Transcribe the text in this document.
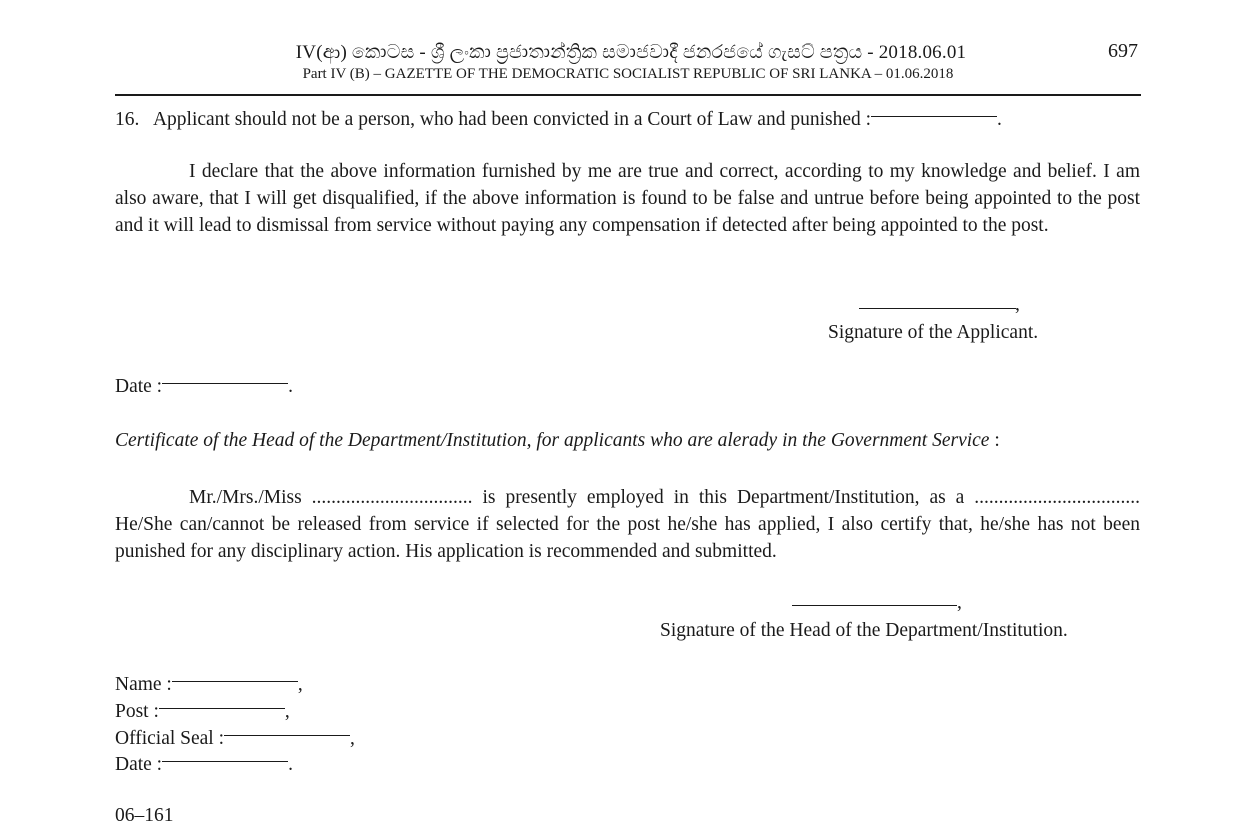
IV(ආ) කොටස - ශ්‍රී ලංකා ප්‍රජාතාන්ත්‍රික සමාජවාදී ජනරජයේ ගැසට් පත්‍රය - 2018.06.01
Part IV (B) – GAZETTE OF THE DEMOCRATIC SOCIALIST REPUBLIC OF SRI LANKA – 01.06.2018
697
16. Applicant should not be a person, who had been convicted in a Court of Law and punished :	.
I declare that the above information furnished by me are true and correct, according to my knowledge and belief. I am also aware, that I will get disqualified, if the above information is found to be false and untrue before being appointed to the post and it will lead to dismissal from service without paying any compensation if detected after being appointed to the post.
,
Signature of the Applicant.
Date :	.
Certificate of the Head of the Department/Institution, for applicants who are alerady in the Government Service :
Mr./Mrs./Miss ................................. is presently employed in this Department/Institution, as a .................................. He/She can/cannot be released from service if selected for the post he/she has applied, I also certify that, he/she has not been punished for any disciplinary action. His application is recommended and submitted.
,
Signature of the Head of the Department/Institution.
Name :	,
Post :	,
Official Seal :	,
Date :	.
06–161
